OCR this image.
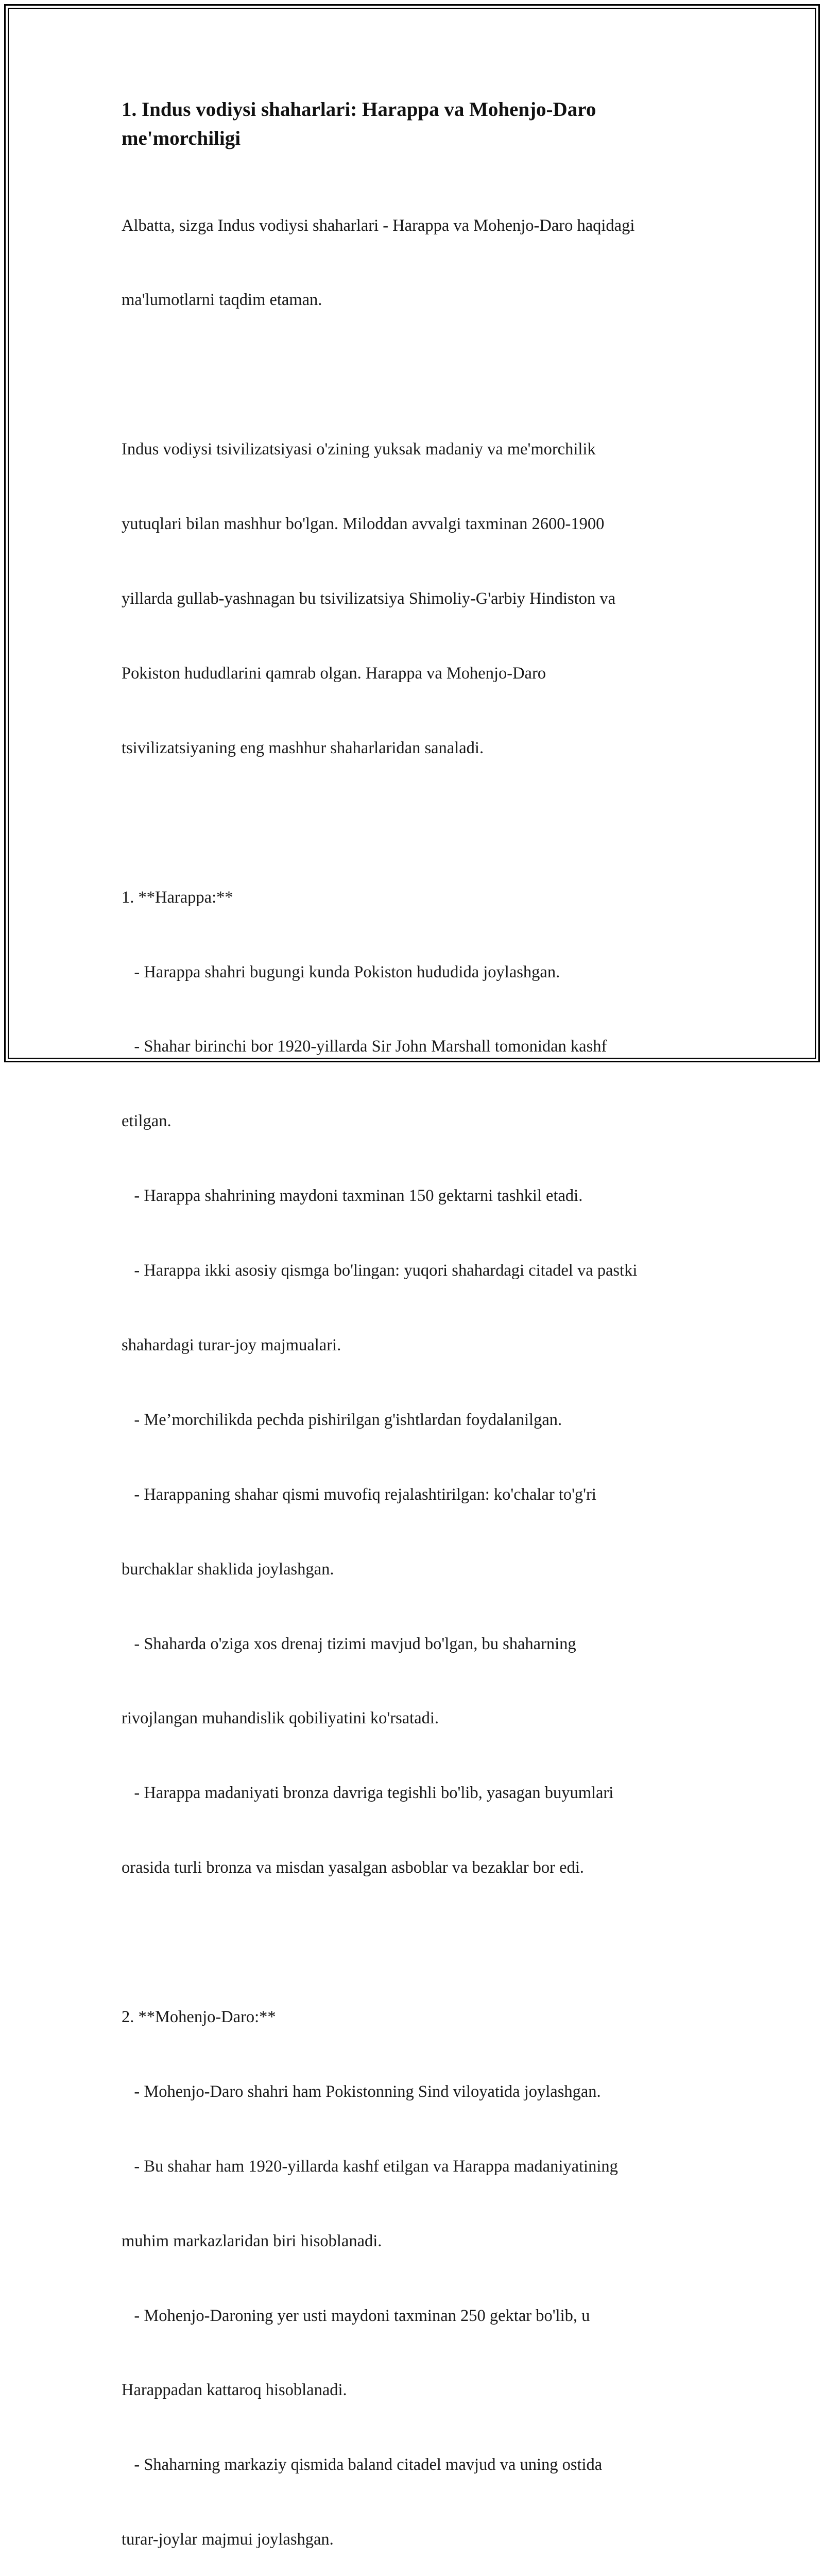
1. Indus vodiysi shaharlari: Harappa va Mohenjo-Daro me'morchiligi

Albatta, sizga Indus vodiysi shaharlari - Harappa va Mohenjo-Daro haqidagi

ma'lumotlarni taqdim etaman.

Indus vodiysi tsivilizatsiyasi o'zining yuksak madaniy va me'morchilik

yutuqlari bilan mashhur bo'lgan. Miloddan avvalgi taxminan 2600-1900

yillarda gullab-yashnagan bu tsivilizatsiya Shimoliy-G'arbiy Hindiston va

Pokiston hududlarini qamrab olgan. Harappa va Mohenjo-Daro

tsivilizatsiyaning eng mashhur shaharlaridan sanaladi.

1. **Harappa:**

- Harappa shahri bugungi kunda Pokiston hududida joylashgan.

- Shahar birinchi bor 1920-yillarda Sir John Marshall tomonidan kashf

etilgan.

- Harappa shahrining maydoni taxminan 150 gektarni tashkil etadi.

- Harappa ikki asosiy qismga bo'lingan: yuqori shahardagi citadel va pastki

shahardagi turar-joy majmualari.

- Me’morchilikda pechda pishirilgan g'ishtlardan foydalanilgan.

- Harappaning shahar qismi muvofiq rejalashtirilgan: ko'chalar to'g'ri

burchaklar shaklida joylashgan.

- Shaharda o'ziga xos drenaj tizimi mavjud bo'lgan, bu shaharning

rivojlangan muhandislik qobiliyatini ko'rsatadi.

- Harappa madaniyati bronza davriga tegishli bo'lib, yasagan buyumlari

orasida turli bronza va misdan yasalgan asboblar va bezaklar bor edi.

2. **Mohenjo-Daro:**

- Mohenjo-Daro shahri ham Pokistonning Sind viloyatida joylashgan.

- Bu shahar ham 1920-yillarda kashf etilgan va Harappa madaniyatining

muhim markazlaridan biri hisoblanadi.

- Mohenjo-Daroning yer usti maydoni taxminan 250 gektar bo'lib, u

Harappadan kattaroq hisoblanadi.

- Shaharning markaziy qismida baland citadel mavjud va uning ostida

turar-joylar majmui joylashgan.
